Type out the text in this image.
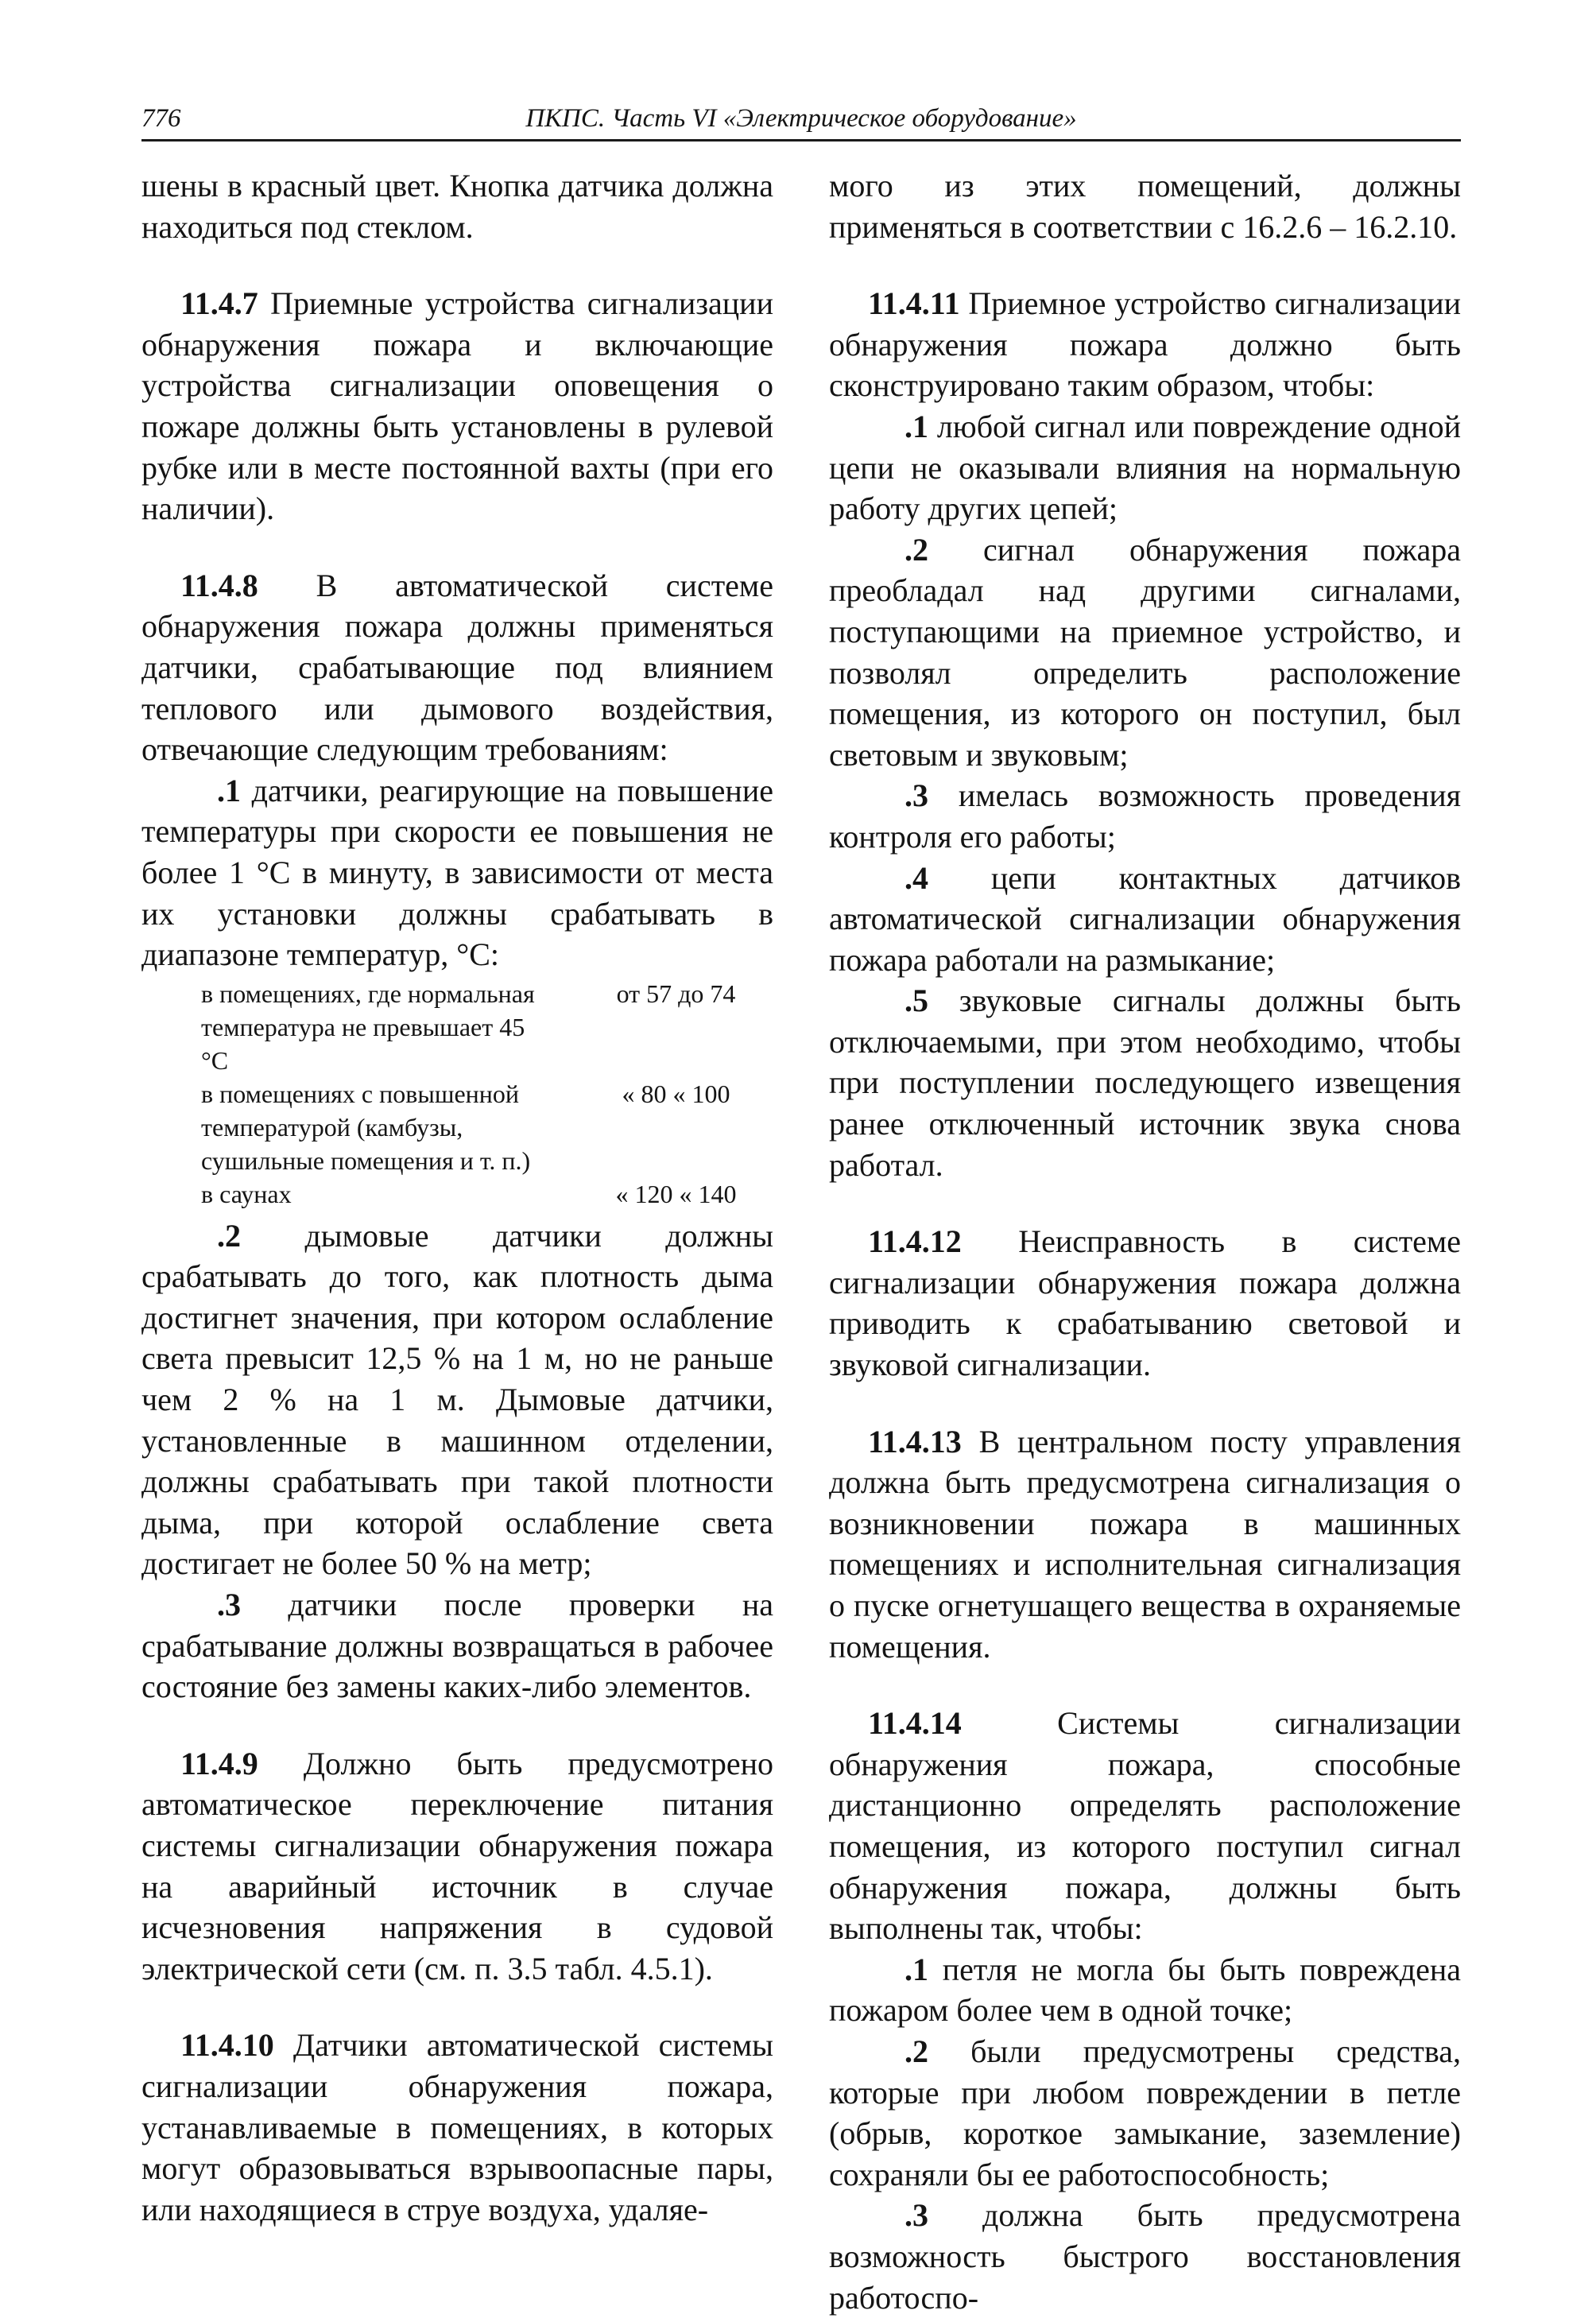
776	ПКПС. Часть VI «Электрическое оборудование»

шены в красный цвет. Кнопка датчика должна находиться под стеклом.

11.4.7 Приемные устройства сигнализации обнаружения пожара и включающие устройства сигнализации оповещения о пожаре должны быть установлены в рулевой рубке или в месте постоянной вахты (при его наличии).

11.4.8 В автоматической системе обнаружения пожара должны применяться датчики, срабатывающие под влиянием теплового или дымового воздействия, отвечающие следующим требованиям:

.1 датчики, реагирующие на повышение температуры при скорости ее повышения не более 1 °С в минуту, в зависимости от места их установки должны срабатывать в диапазоне температур, °С:

в помещениях, где нормальная температура не превышает 45 °С
от 57 до 74
в помещениях с повышенной температурой (камбузы, сушильные помещения и т. п.)
« 80 « 100
в саунах	« 120 « 140

.2 дымовые датчики должны срабатывать до того, как плотность дыма достигнет значения, при котором ослабление света превысит 12,5 % на 1 м, но не раньше чем 2 % на 1 м. Дымовые датчики, установленные в машинном отделении, должны срабатывать при такой плотности дыма, при которой ослабление света достигает не более 50 % на метр;

.3 датчики после проверки на срабатывание должны возвращаться в рабочее состояние без замены каких-либо элементов.

11.4.9 Должно быть предусмотрено автоматическое переключение питания системы сигнализации обнаружения пожара на аварийный источник в случае исчезновения напряжения в судовой электрической сети (см. п. 3.5 табл. 4.5.1).

11.4.10 Датчики автоматической системы сигнализации обнаружения пожара, устанавливаемые в помещениях, в которых могут образовываться взрывоопасные пары, или находящиеся в струе воздуха, удаляе-

мого из этих помещений, должны применяться в соответствии с 16.2.6 – 16.2.10.

11.4.11 Приемное устройство сигнализации обнаружения пожара должно быть сконструировано таким образом, чтобы:

.1 любой сигнал или повреждение одной цепи не оказывали влияния на нормальную работу других цепей;

.2 сигнал обнаружения пожара преобладал над другими сигналами, поступающими на приемное устройство, и позволял определить расположение помещения, из которого он поступил, был световым и звуковым;

.3 имелась возможность проведения контроля его работы;

.4 цепи контактных датчиков автоматической сигнализации обнаружения пожара работали на размыкание;

.5 звуковые сигналы должны быть отключаемыми, при этом необходимо, чтобы при поступлении последующего извещения ранее отключенный источник звука снова работал.

11.4.12 Неисправность в системе сигнализации обнаружения пожара должна приводить к срабатыванию световой и звуковой сигнализации.

11.4.13 В центральном посту управления должна быть предусмотрена сигнализация о возникновении пожара в машинных помещениях и исполнительная сигнализация о пуске огнетушащего вещества в охраняемые помещения.

11.4.14 Системы сигнализации обнаружения пожара, способные дистанционно определять расположение помещения, из которого поступил сигнал обнаружения пожара, должны быть выполнены так, чтобы:

.1 петля не могла бы быть повреждена пожаром более чем в одной точке;

.2 были предусмотрены средства, которые при любом повреждении в петле (обрыв, короткое замыкание, заземление) сохраняли бы ее работоспособность;

.3 должна быть предусмотрена возможность быстрого восстановления работоспо-
